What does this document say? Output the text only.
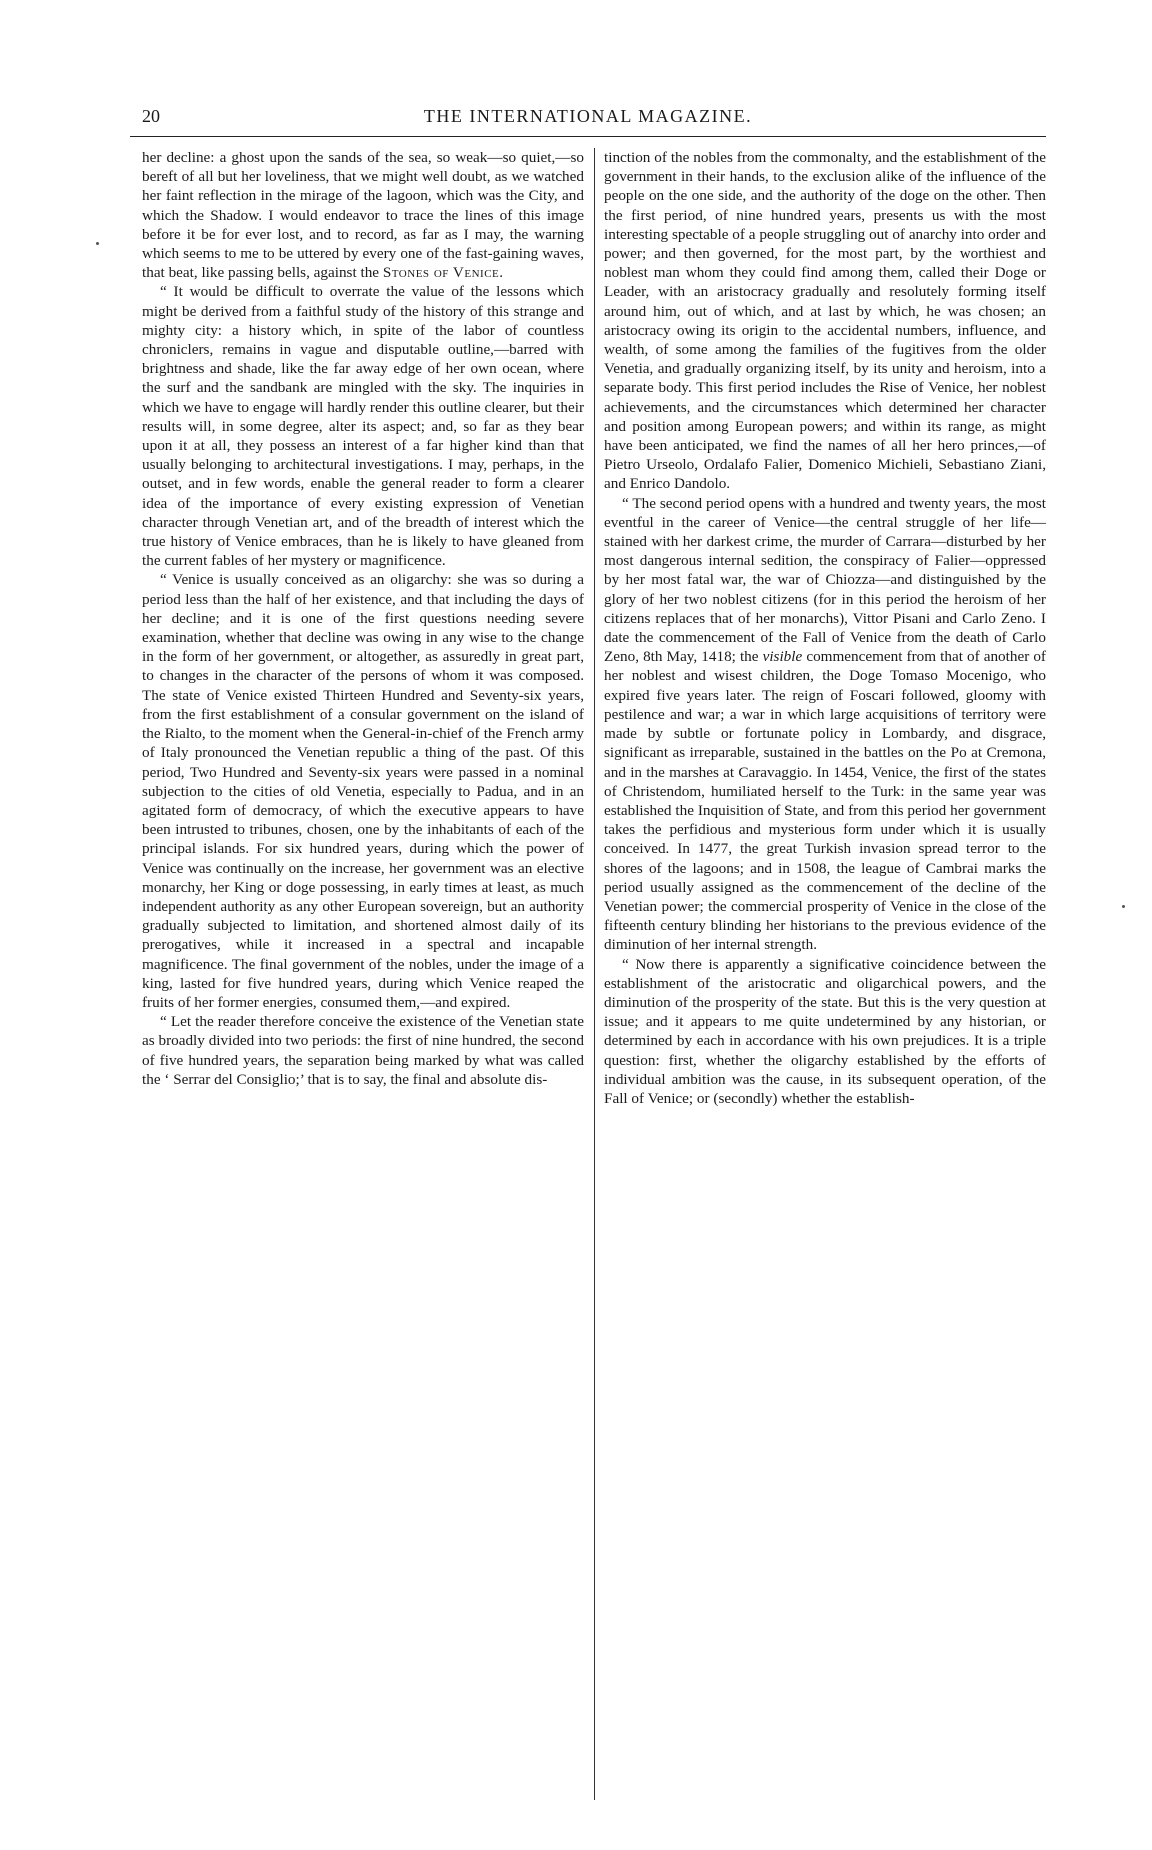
20	THE INTERNATIONAL MAGAZINE.

her decline: a ghost upon the sands of the sea, so weak—so quiet,—so bereft of all but her loveliness, that we might well doubt, as we watched her faint reflection in the mirage of the lagoon, which was the City, and which the Shadow. I would endeavor to trace the lines of this image before it be for ever lost, and to record, as far as I may, the warning which seems to me to be uttered by every one of the fast-gaining waves, that beat, like passing bells, against the Stones of Venice.

“ It would be difficult to overrate the value of the lessons which might be derived from a faithful study of the history of this strange and mighty city: a history which, in spite of the labor of countless chroniclers, remains in vague and disputable outline,—barred with brightness and shade, like the far away edge of her own ocean, where the surf and the sandbank are mingled with the sky. The inquiries in which we have to engage will hardly render this outline clearer, but their results will, in some degree, alter its aspect; and, so far as they bear upon it at all, they possess an interest of a far higher kind than that usually belonging to architectural investigations. I may, perhaps, in the outset, and in few words, enable the general reader to form a clearer idea of the importance of every existing expression of Venetian character through Venetian art, and of the breadth of interest which the true history of Venice embraces, than he is likely to have gleaned from the current fables of her mystery or magnificence.

“ Venice is usually conceived as an oligarchy: she was so during a period less than the half of her existence, and that including the days of her decline; and it is one of the first questions needing severe examination, whether that decline was owing in any wise to the change in the form of her government, or altogether, as assuredly in great part, to changes in the character of the persons of whom it was composed. The state of Venice existed Thirteen Hundred and Seventy-six years, from the first establishment of a consular government on the island of the Rialto, to the moment when the General-in-chief of the French army of Italy pronounced the Venetian republic a thing of the past. Of this period, Two Hundred and Seventy-six years were passed in a nominal subjection to the cities of old Venetia, especially to Padua, and in an agitated form of democracy, of which the executive appears to have been intrusted to tribunes, chosen, one by the inhabitants of each of the principal islands. For six hundred years, during which the power of Venice was continually on the increase, her government was an elective monarchy, her King or doge possessing, in early times at least, as much independent authority as any other European sovereign, but an authority gradually subjected to limitation, and shortened almost daily of its prerogatives, while it increased in a spectral and incapable magnificence. The final government of the nobles, under the image of a king, lasted for five hundred years, during which Venice reaped the fruits of her former energies, consumed them,—and expired.

“ Let the reader therefore conceive the existence of the Venetian state as broadly divided into two periods: the first of nine hundred, the second of five hundred years, the separation being marked by what was called the ‘ Serrar del Consiglio;’ that is to say, the final and absolute dis-

tinction of the nobles from the commonalty, and the establishment of the government in their hands, to the exclusion alike of the influence of the people on the one side, and the authority of the doge on the other. Then the first period, of nine hundred years, presents us with the most interesting spectable of a people struggling out of anarchy into order and power; and then governed, for the most part, by the worthiest and noblest man whom they could find among them, called their Doge or Leader, with an aristocracy gradually and resolutely forming itself around him, out of which, and at last by which, he was chosen; an aristocracy owing its origin to the accidental numbers, influence, and wealth, of some among the families of the fugitives from the older Venetia, and gradually organizing itself, by its unity and heroism, into a separate body. This first period includes the Rise of Venice, her noblest achievements, and the circumstances which determined her character and position among European powers; and within its range, as might have been anticipated, we find the names of all her hero princes,—of Pietro Urseolo, Ordalafo Falier, Domenico Michieli, Sebastiano Ziani, and Enrico Dandolo.

“ The second period opens with a hundred and twenty years, the most eventful in the career of Venice—the central struggle of her life—stained with her darkest crime, the murder of Carrara—disturbed by her most dangerous internal sedition, the conspiracy of Falier—oppressed by her most fatal war, the war of Chiozza—and distinguished by the glory of her two noblest citizens (for in this period the heroism of her citizens replaces that of her monarchs), Vittor Pisani and Carlo Zeno. I date the commencement of the Fall of Venice from the death of Carlo Zeno, 8th May, 1418; the visible commencement from that of another of her noblest and wisest children, the Doge Tomaso Mocenigo, who expired five years later. The reign of Foscari followed, gloomy with pestilence and war; a war in which large acquisitions of territory were made by subtle or fortunate policy in Lombardy, and disgrace, significant as irreparable, sustained in the battles on the Po at Cremona, and in the marshes at Caravaggio. In 1454, Venice, the first of the states of Christendom, humiliated herself to the Turk: in the same year was established the Inquisition of State, and from this period her government takes the perfidious and mysterious form under which it is usually conceived. In 1477, the great Turkish invasion spread terror to the shores of the lagoons; and in 1508, the league of Cambrai marks the period usually assigned as the commencement of the decline of the Venetian power; the commercial prosperity of Venice in the close of the fifteenth century blinding her historians to the previous evidence of the diminution of her internal strength.

“ Now there is apparently a significative coincidence between the establishment of the aristocratic and oligarchical powers, and the diminution of the prosperity of the state. But this is the very question at issue; and it appears to me quite undetermined by any historian, or determined by each in accordance with his own prejudices. It is a triple question: first, whether the oligarchy established by the efforts of individual ambition was the cause, in its subsequent operation, of the Fall of Venice; or (secondly) whether the establish-
